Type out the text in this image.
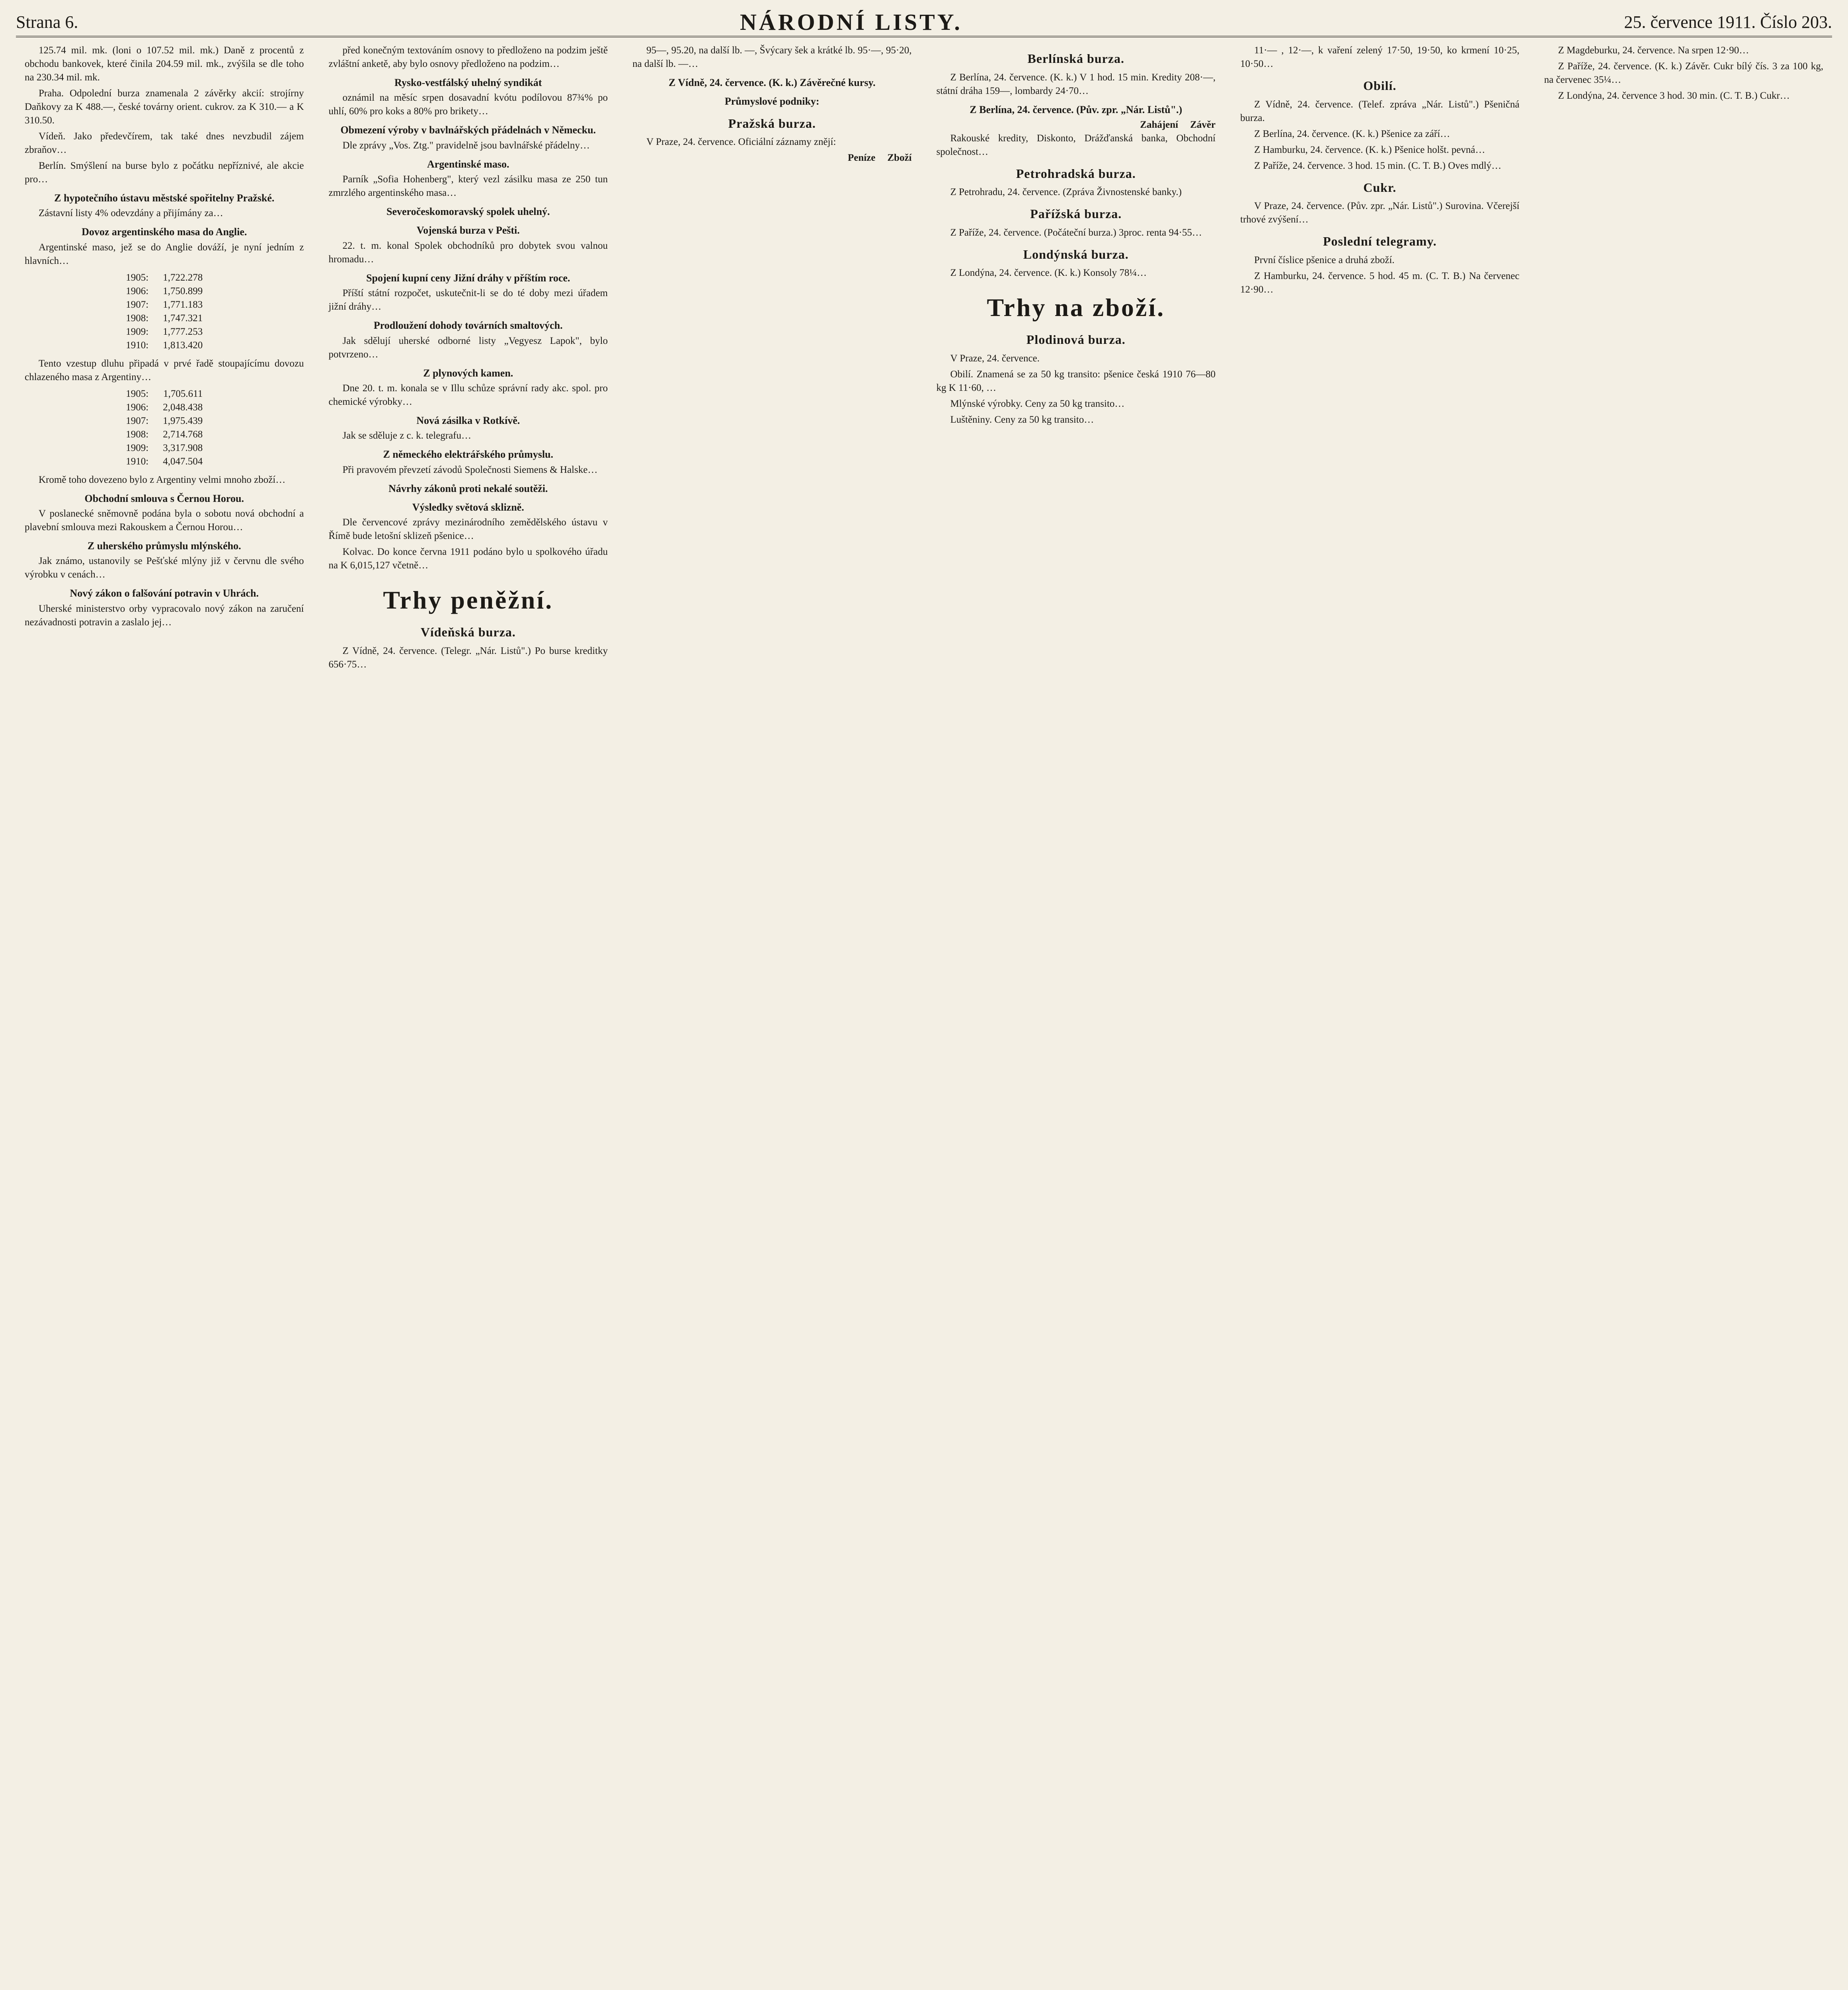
Strana 6.	NÁRODNÍ LISTY.	25. července 1911. Číslo 203.

125.74 mil. mk. (loni o 107.52 mil. mk.) Daně z procentů z obchodu bankovek, které činila 204.59 mil. mk., zvýšila se dle toho na 230.34 mil. mk.

Praha. Odpolední burza znamenala 2 závěrky akcií: strojírny Daňkovy za K 488.—, české továrny orient. cukrov. za K 310.— a K 310.50.

Vídeň. Jako předevčírem, tak také dnes nevzbudil zájem zbraňov…

Berlín. Smýšlení na burse bylo z počátku nepříznivé, ale akcie pro…

Z hypotečního ústavu městské spořitelny Pražské.

Zástavní listy 4% odevzdány a přijímány za…

Dovoz argentinského masa do Anglie.

Argentinské maso, jež se do Anglie dováží, je nyní jedním z hlavních…

1905:	1,722.278
1906:	1,750.899
1907:	1,771.183
1908:	1,747.321
1909:	1,777.253
1910:	1,813.420

Tento vzestup dluhu připadá v prvé řadě stoupajícímu dovozu chlazeného masa z Argentiny…

1905:	1,705.611
1906:	2,048.438
1907:	1,975.439
1908:	2,714.768
1909:	3,317.908
1910:	4,047.504

Kromě toho dovezeno bylo z Argentiny velmi mnoho zboží…

Obchodní smlouva s Černou Horou.

V poslanecké sněmovně podána byla o sobotu nová obchodní a plavební smlouva mezi Rakouskem a Černou Horou…

Z uherského průmyslu mlýnského.

Jak známo, ustanovily se Pešťské mlýny již v červnu dle svého výrobku v cenách…

Nový zákon o falšování potravin v Uhrách.

Uherské ministerstvo orby vypracovalo nový zákon na zaručení nezávadnosti potravin a zaslalo jej…

před konečným textováním osnovy to předloženo na podzim ještě zvláštní anketě, aby bylo osnovy předloženo na podzim…

Rysko-vestfálský uhelný syndikát

oznámil na měsíc srpen dosavadní kvótu podílovou 87¾% po uhlí, 60% pro koks a 80% pro brikety…

Obmezení výroby v bavlnářských přádelnách v Německu.

Dle zprávy „Vos. Ztg." pravidelně jsou bavlnářské přádelny…

Argentinské maso.

Parník „Sofia Hohenberg", který vezl zásilku masa ze 250 tun zmrzlého argentinského masa…

Severočeskomoravský spolek uhelný.
Vojenská burza v Pešti.

22. t. m. konal Spolek obchodníků pro dobytek svou valnou hromadu…

Spojení kupní ceny Jižní dráhy v příštím roce.

Příští státní rozpočet, uskutečnit-li se do té doby mezi úřadem jižní dráhy…

Prodloužení dohody továrních smaltových.

Jak sdělují uherské odborné listy „Vegyesz Lapok", bylo potvrzeno…

Z plynových kamen.

Dne 20. t. m. konala se v Illu schůze správní rady akc. spol. pro chemické výrobky…

Nová zásilka v Rotkívě.

Jak se sděluje z c. k. telegrafu…

Z německého elektrářského průmyslu.

Při pravovém převzetí závodů Společnosti Siemens & Halske…

Návrhy zákonů proti nekalé soutěži.
Výsledky světová sklizně.

Dle červencové zprávy mezinárodního zemědělského ústavu v Římě bude letošní sklizeň pšenice…

Kolvac. Do konce června 1911 podáno bylo u spolkového úřadu na K 6,015,127 včetně…

Trhy peněžní.
Vídeňská burza.

Z Vídně, 24. července. (Telegr. „Nár. Listů".) Po burse kreditky 656·75…

95—, 95.20, na další lb. —, Švýcary šek a krátké lb. 95·—, 95·20, na další lb. —…

Z Vídně, 24. července. (K. k.) Závěrečné kursy.
Průmyslové podniky:
Pražská burza.

V Praze, 24. července. Oficiální záznamy znějí:

Peníze Zboží
Berlínská burza.

Z Berlína, 24. července. (K. k.) V 1 hod. 15 min. Kredity 208·—, státní dráha 159—, lombardy 24·70…

Z Berlína, 24. července. (Pův. zpr. „Nár. Listů".)
Zahájení Závěr

Rakouské kredity, Diskonto, Drážďanská banka, Obchodní společnost…

Petrohradská burza.

Z Petrohradu, 24. července. (Zpráva Živnostenské banky.)

Pařížská burza.

Z Paříže, 24. července. (Počáteční burza.) 3proc. renta 94·55…

Londýnská burza.

Z Londýna, 24. července. (K. k.) Konsoly 78¼…

Trhy na zboží.
Plodinová burza.

V Praze, 24. července.

Obilí. Znamená se za 50 kg transito: pšenice česká 1910 76—80 kg K 11·60, …

Mlýnské výrobky. Ceny za 50 kg transito…

Luštěniny. Ceny za 50 kg transito…

11·— , 12·—, k vaření zelený 17·50, 19·50, ko krmení 10·25, 10·50…

Obilí.

Z Vídně, 24. července. (Telef. zpráva „Nár. Listů".) Pšeničná burza.

Z Berlína, 24. července. (K. k.) Pšenice za září…

Z Hamburku, 24. července. (K. k.) Pšenice holšt. pevná…

Z Paříže, 24. července. 3 hod. 15 min. (C. T. B.) Oves mdlý…

Cukr.

V Praze, 24. července. (Pův. zpr. „Nár. Listů".) Surovina. Včerejší trhové zvýšení…

Poslední telegramy.

První číslice pšenice a druhá zboží.

Z Hamburku, 24. července. 5 hod. 45 m. (C. T. B.) Na červenec 12·90…

Z Magdeburku, 24. července. Na srpen 12·90…

Z Paříže, 24. července. (K. k.) Závěr. Cukr bílý čís. 3 za 100 kg, na červenec 35¼…

Z Londýna, 24. července 3 hod. 30 min. (C. T. B.) Cukr…
